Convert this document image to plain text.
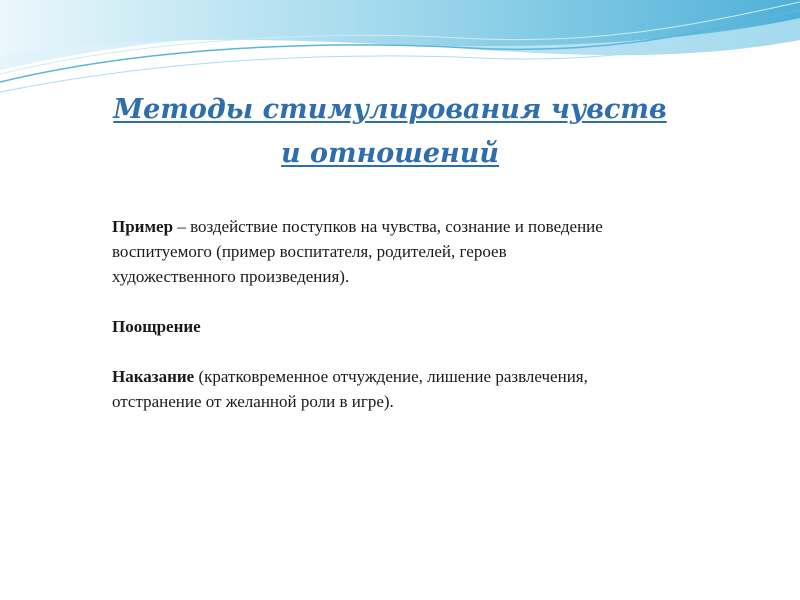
Методы стимулирования чувств
и отношений

Пример – воздействие поступков на чувства, сознание и поведение воспитуемого (пример воспитателя, родителей, героев художественного произведения).

Поощрение

Наказание (кратковременное отчуждение, лишение развлечения, отстранение от желанной роли в игре).
